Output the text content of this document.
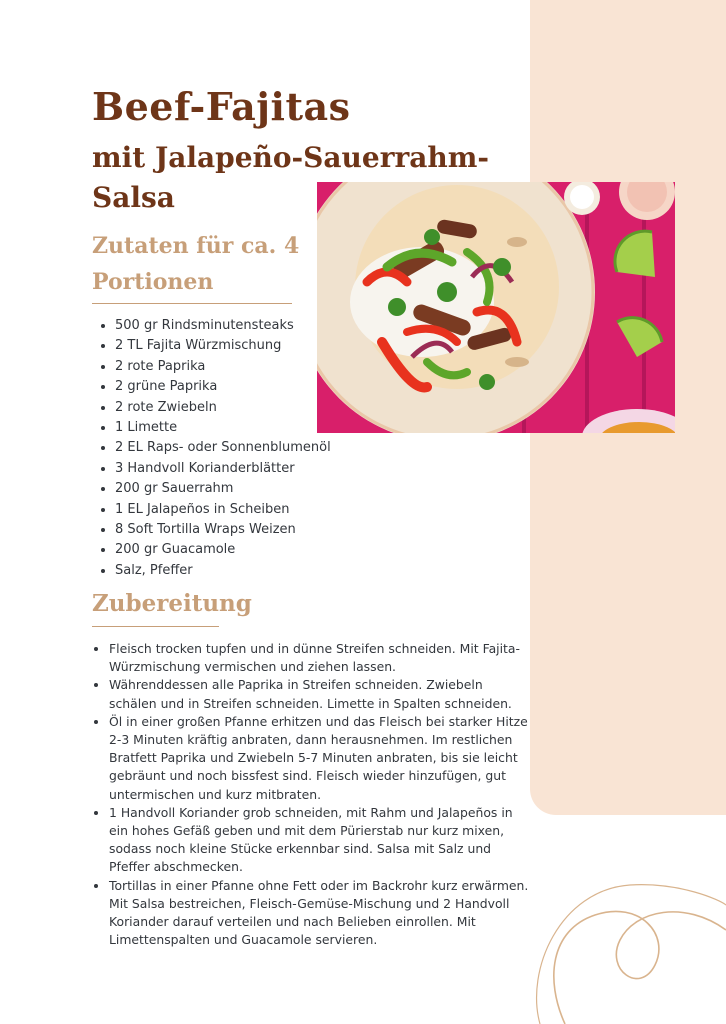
Beef-Fajitas
mit Jalapeño-Sauerrahm-Salsa
Zutaten für ca. 4 Portionen
• 500 gr Rindsminutensteaks
• 2 TL Fajita Würzmischung
• 2 rote Paprika
• 2 grüne Paprika
• 2 rote Zwiebeln
• 1 Limette
• 2 EL Raps- oder Sonnenblumenöl
• 3 Handvoll Korianderblätter
• 200 gr Sauerrahm
• 1 EL Jalapeños in Scheiben
• 8 Soft Tortilla Wraps Weizen
• 200 gr Guacamole
• Salz, Pfeffer
Zubereitung
• Fleisch trocken tupfen und in dünne Streifen schneiden. Mit Fajita-Würzmischung vermischen und ziehen lassen.
• Währenddessen alle Paprika in Streifen schneiden. Zwiebeln schälen und in Streifen schneiden. Limette in Spalten schneiden.
• Öl in einer großen Pfanne erhitzen und das Fleisch bei starker Hitze 2-3 Minuten kräftig anbraten, dann herausnehmen. Im restlichen Bratfett Paprika und Zwiebeln 5-7 Minuten anbraten, bis sie leicht gebräunt und noch bissfest sind. Fleisch wieder hinzufügen, gut untermischen und kurz mitbraten.
• 1 Handvoll Koriander grob schneiden, mit Rahm und Jalapeños in ein hohes Gefäß geben und mit dem Pürierstab nur kurz mixen, sodass noch kleine Stücke erkennbar sind. Salsa mit Salz und Pfeffer abschmecken.
• Tortillas in einer Pfanne ohne Fett oder im Backrohr kurz erwärmen. Mit Salsa bestreichen, Fleisch-Gemüse-Mischung und 2 Handvoll Koriander darauf verteilen und nach Belieben einrollen. Mit Limettenspalten und Guacamole servieren.
